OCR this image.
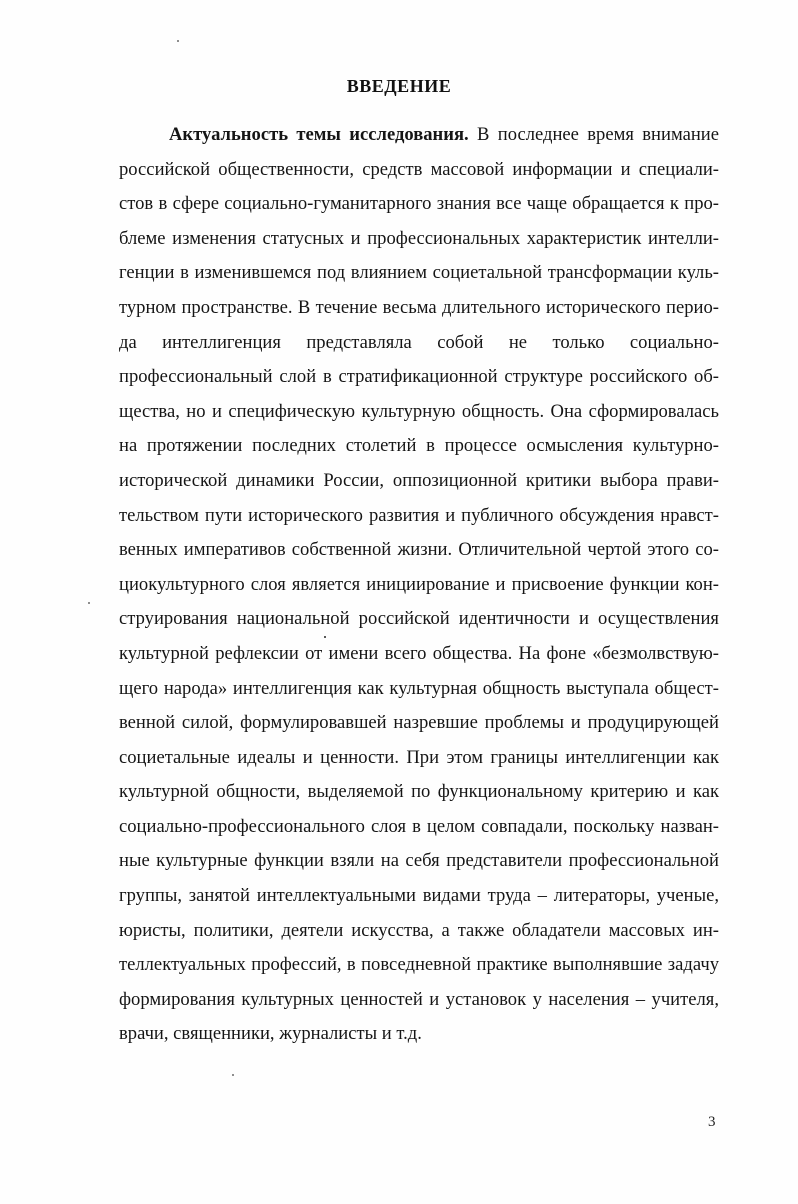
ВВЕДЕНИЕ
Актуальность темы исследования. В последнее время внимание
российской общественности, средств массовой информации и специали-
стов в сфере социально-гуманитарного знания все чаще обращается к про-
блеме изменения статусных и профессиональных характеристик интелли-
генции в изменившемся под влиянием социетальной трансформации куль-
турном пространстве. В течение весьма длительного исторического перио-
да интеллигенция представляла собой не только социально-
профессиональный слой в стратификационной структуре российского об-
щества, но и специфическую культурную общность. Она сформировалась
на протяжении последних столетий в процессе осмысления культурно-
исторической динамики России, оппозиционной критики выбора прави-
тельством пути исторического развития и публичного обсуждения нравст-
венных императивов собственной жизни. Отличительной чертой этого со-
циокультурного слоя является инициирование и присвоение функции кон-
струирования национальной российской идентичности и осуществления
культурной рефлексии от имени всего общества. На фоне «безмолвствую-
щего народа» интеллигенция как культурная общность выступала общест-
венной силой, формулировавшей назревшие проблемы и продуцирующей
социетальные идеалы и ценности. При этом границы интеллигенции как
культурной общности, выделяемой по функциональному критерию и как
социально-профессионального слоя в целом совпадали, поскольку назван-
ные культурные функции взяли на себя представители профессиональной
группы, занятой интеллектуальными видами труда – литераторы, ученые,
юристы, политики, деятели искусства, а также обладатели массовых ин-
теллектуальных профессий, в повседневной практике выполнявшие задачу
формирования культурных ценностей и установок у населения – учителя,
врачи, священники, журналисты и т.д.
3
